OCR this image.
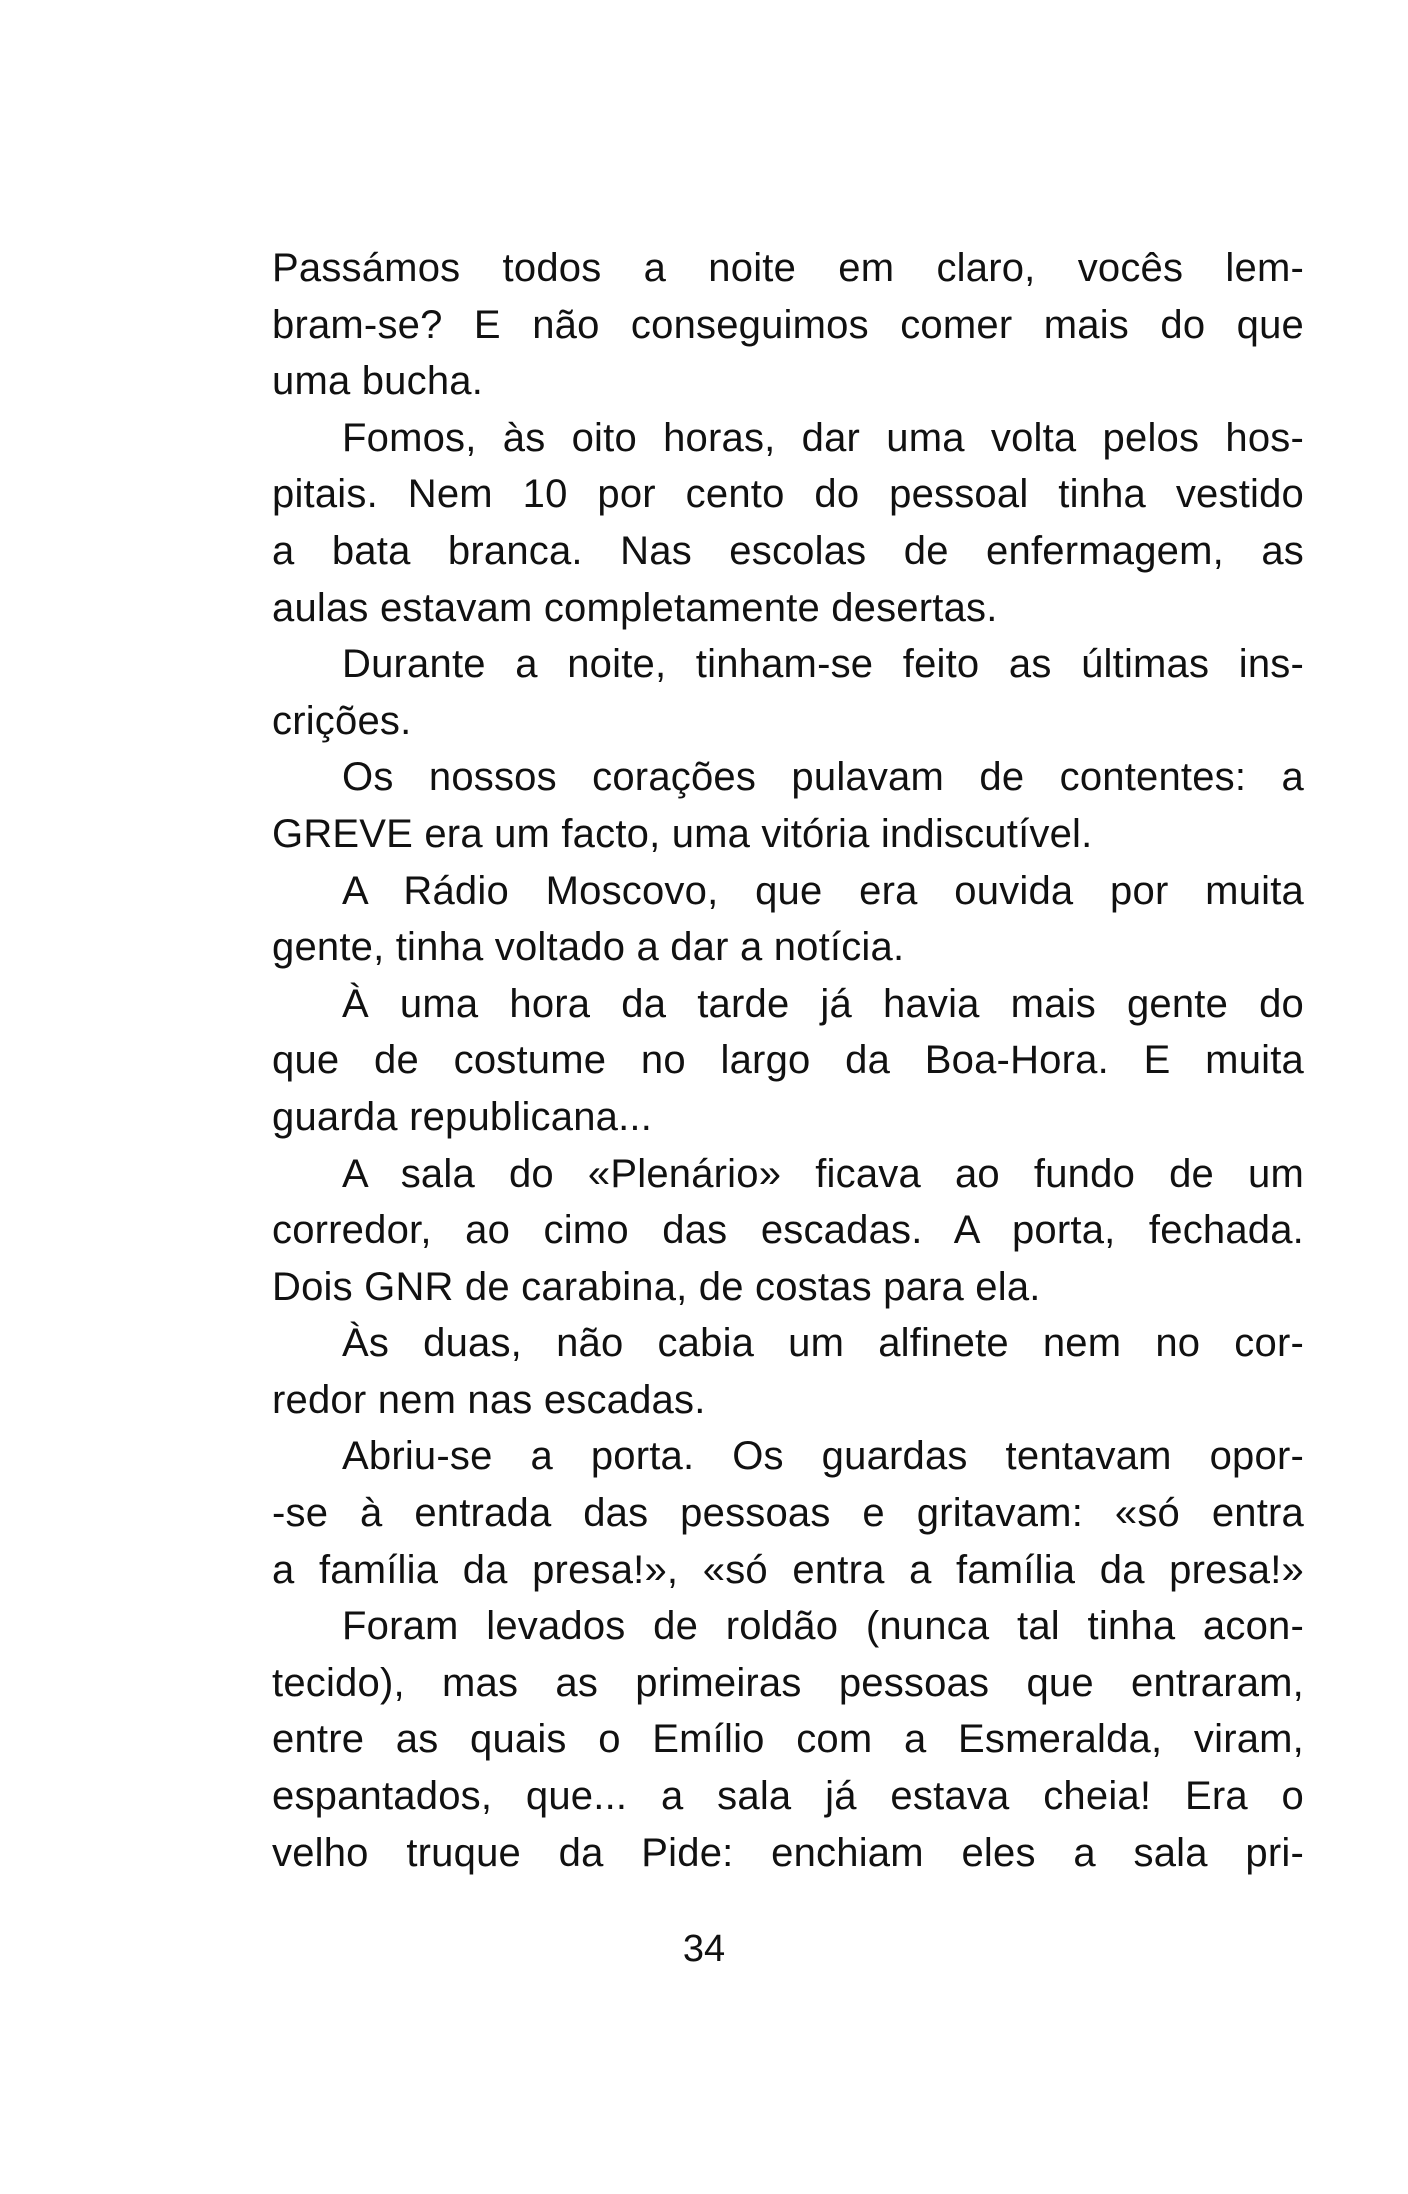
Passámos todos a noite em claro, vocês lem-
bram-se? E não conseguimos comer mais do que
uma bucha.
Fomos, às oito horas, dar uma volta pelos hos-
pitais. Nem 10 por cento do pessoal tinha vestido
a bata branca. Nas escolas de enfermagem, as
aulas estavam completamente desertas.
Durante a noite, tinham-se feito as últimas ins-
crições.
Os nossos corações pulavam de contentes: a
GREVE era um facto, uma vitória indiscutível.
A Rádio Moscovo, que era ouvida por muita
gente, tinha voltado a dar a notícia.
À uma hora da tarde já havia mais gente do
que de costume no largo da Boa-Hora. E muita
guarda republicana...
A sala do «Plenário» ficava ao fundo de um
corredor, ao cimo das escadas. A porta, fechada.
Dois GNR de carabina, de costas para ela.
Às duas, não cabia um alfinete nem no cor-
redor nem nas escadas.
Abriu-se a porta. Os guardas tentavam opor-
-se à entrada das pessoas e gritavam: «só entra
a família da presa!», «só entra a família da presa!»
Foram levados de roldão (nunca tal tinha acon-
tecido), mas as primeiras pessoas que entraram,
entre as quais o Emílio com a Esmeralda, viram,
espantados, que... a sala já estava cheia! Era o
velho truque da Pide: enchiam eles a sala pri-
34
